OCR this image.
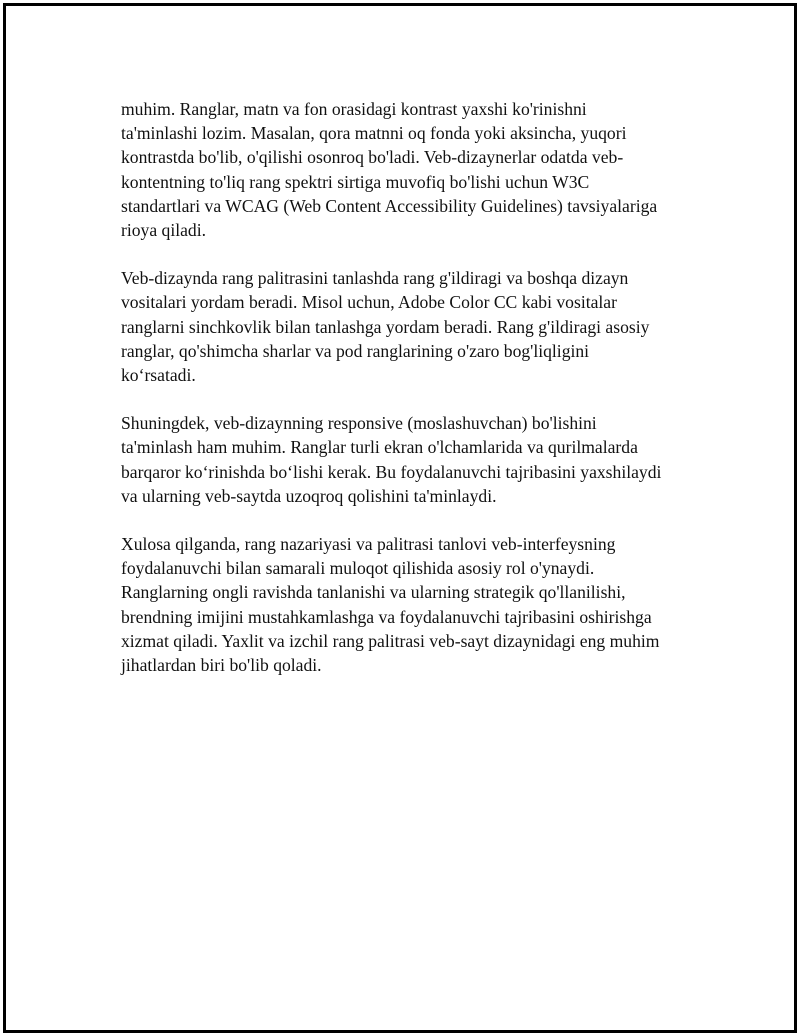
muhim. Ranglar, matn va fon orasidagi kontrast yaxshi ko'rinishni
ta'minlashi lozim. Masalan, qora matnni oq fonda yoki aksincha, yuqori
kontrastda bo'lib, o'qilishi osonroq bo'ladi. Veb-dizaynerlar odatda veb-
kontentning to'liq rang spektri sirtiga muvofiq bo'lishi uchun W3C
standartlari va WCAG (Web Content Accessibility Guidelines) tavsiyalariga
rioya qiladi.

Veb-dizaynda rang palitrasini tanlashda rang g'ildiragi va boshqa dizayn
vositalari yordam beradi. Misol uchun, Adobe Color CC kabi vositalar
ranglarni sinchkovlik bilan tanlashga yordam beradi. Rang g'ildiragi asosiy
ranglar, qo'shimcha sharlar va pod ranglarining o'zaro bog'liqligini
koʻrsatadi.

Shuningdek, veb-dizaynning responsive (moslashuvchan) bo'lishini
ta'minlash ham muhim. Ranglar turli ekran o'lchamlarida va qurilmalarda
barqaror koʻrinishda boʻlishi kerak. Bu foydalanuvchi tajribasini yaxshilaydi
va ularning veb-saytda uzoqroq qolishini ta'minlaydi.

Xulosa qilganda, rang nazariyasi va palitrasi tanlovi veb-interfeysning
foydalanuvchi bilan samarali muloqot qilishida asosiy rol o'ynaydi.
Ranglarning ongli ravishda tanlanishi va ularning strategik qo'llanilishi,
brendning imijini mustahkamlashga va foydalanuvchi tajribasini oshirishga
xizmat qiladi. Yaxlit va izchil rang palitrasi veb-sayt dizaynidagi eng muhim
jihatlardan biri bo'lib qoladi.
